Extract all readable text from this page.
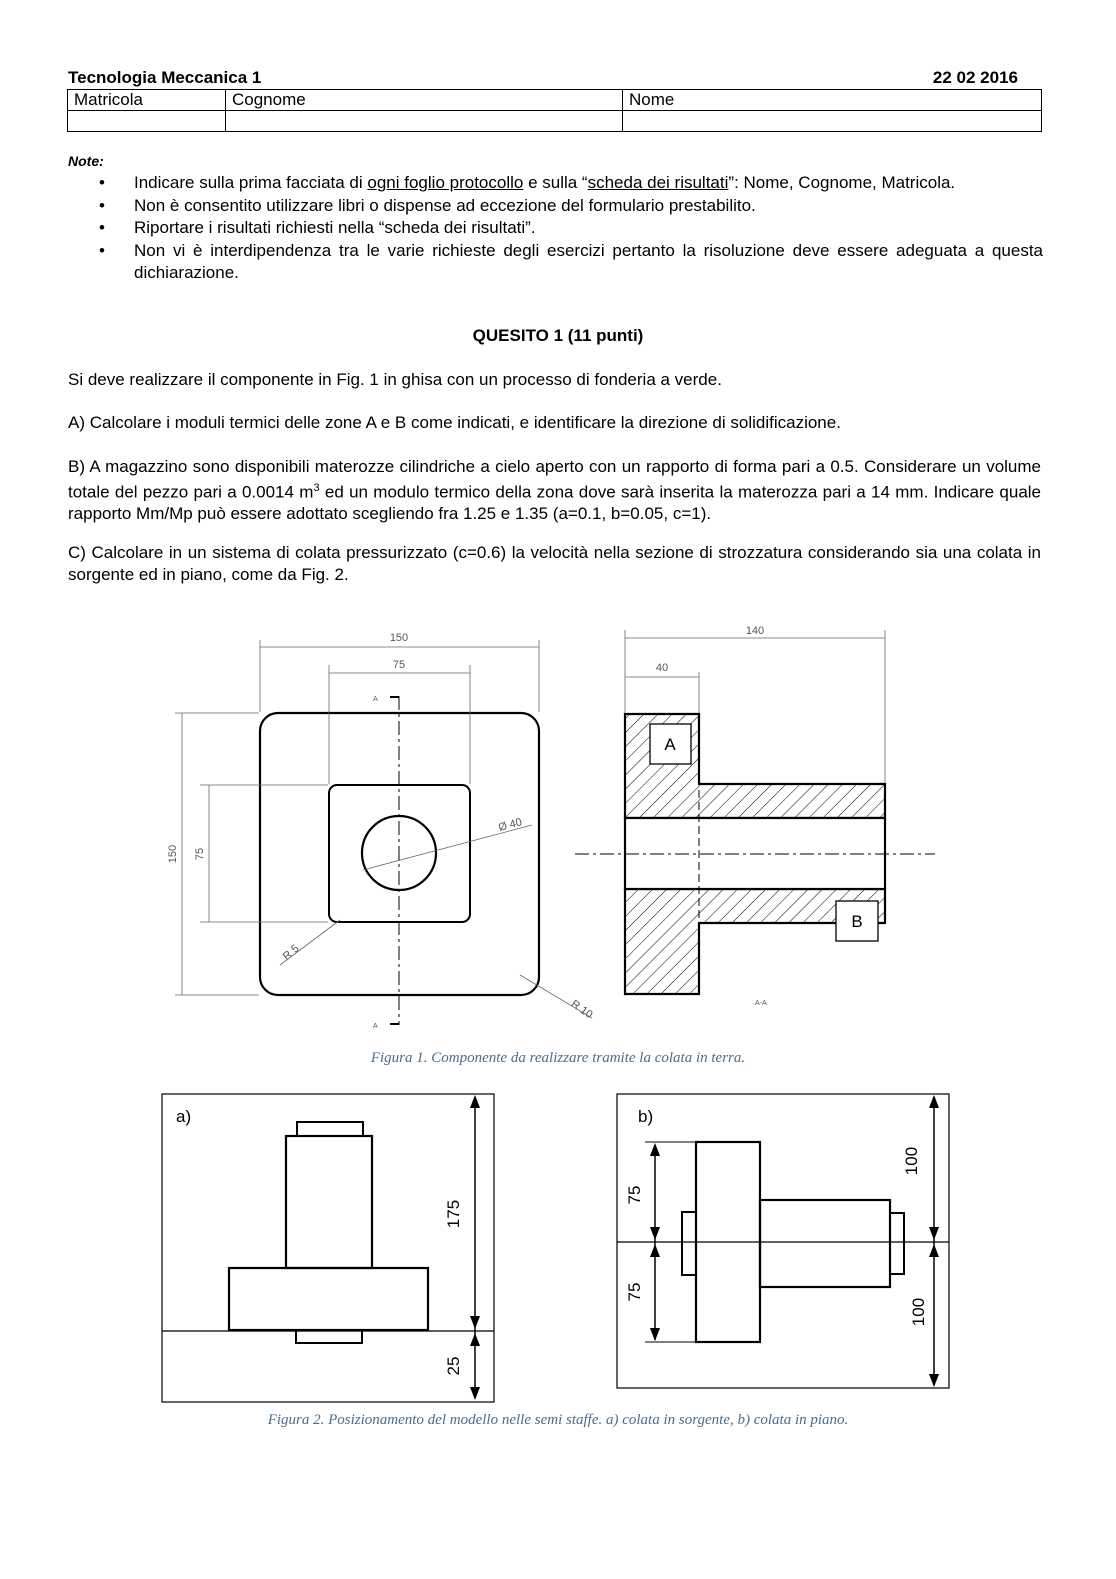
Tecnologia Meccanica 1	22 02 2016
Matricola	Cognome	Nome

Note:
• Indicare sulla prima facciata di ogni foglio protocollo e sulla “scheda dei risultati”: Nome, Cognome, Matricola.
• Non è consentito utilizzare libri o dispense ad eccezione del formulario prestabilito.
• Riportare i risultati richiesti nella “scheda dei risultati”.
• Non vi è interdipendenza tra le varie richieste degli esercizi pertanto la risoluzione deve essere adeguata a questa dichiarazione.
QUESITO 1 (11 punti)
Si deve realizzare il componente in Fig. 1 in ghisa con un processo di fonderia a verde.
A) Calcolare i moduli termici delle zone A e B come indicati, e identificare la direzione di solidificazione.
B) A magazzino sono disponibili materozze cilindriche a cielo aperto con un rapporto di forma pari a 0.5. Considerare un volume totale del pezzo pari a 0.0014 $m^3$ ed un modulo termico della zona dove sarà inserita la materozza pari a 14 mm. Indicare quale rapporto Mm/Mp può essere adottato scegliendo fra 1.25 e 1.35 (a=0.1, b=0.05, c=1).
C) Calcolare in un sistema di colata pressurizzato (c=0.6) la velocità nella sezione di strozzatura considerando sia una colata in sorgente ed in piano, come da Fig. 2.
150
75
150 75
Ø 40
R 5
R 10
A
A
140
40
A-A
A
B
a)
175
25
b)
75
75
100
100
Figura 1. Componente da realizzare tramite la colata in terra.
Figura 2. Posizionamento del modello nelle semi staffe. a) colata in sorgente, b) colata in piano.
